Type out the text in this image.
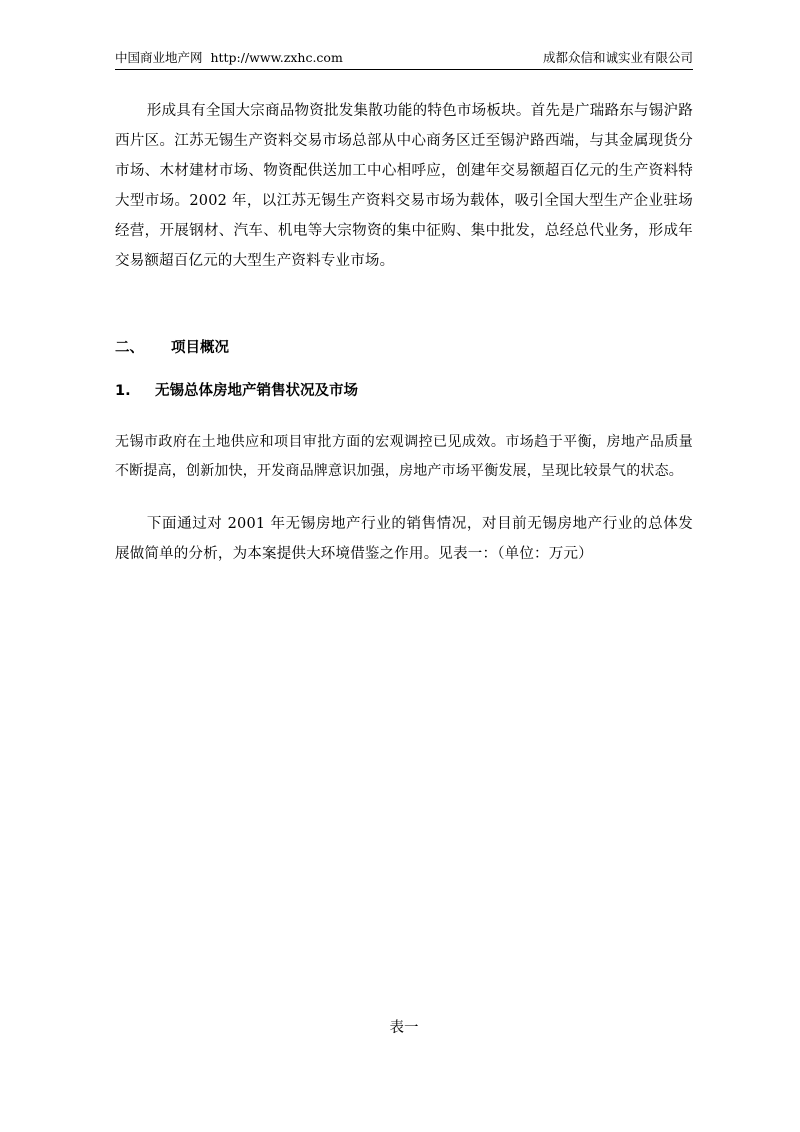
中国商业地产网  http://www.zxhc.com	成都众信和诚实业有限公司

形成具有全国大宗商品物资批发集散功能的特色市场板块。首先是广瑞路东与锡沪路西片区。江苏无锡生产资料交易市场总部从中心商务区迁至锡沪路西端，与其金属现货分市场、木材建材市场、物资配供送加工中心相呼应，创建年交易额超百亿元的生产资料特大型市场。2002 年，以江苏无锡生产资料交易市场为载体，吸引全国大型生产企业驻场经营，开展钢材、汽车、机电等大宗物资的集中征购、集中批发，总经总代业务，形成年交易额超百亿元的大型生产资料专业市场。

二、 项目概况
1. 无锡总体房地产销售状况及市场

无锡市政府在土地供应和项目审批方面的宏观调控已见成效。市场趋于平衡，房地产品质量不断提高，创新加快，开发商品牌意识加强，房地产市场平衡发展，呈现比较景气的状态。

下面通过对 2001 年无锡房地产行业的销售情况，对目前无锡房地产行业的总体发展做简单的分析，为本案提供大环境借鉴之作用。见表一：（单位：万元）

表一
